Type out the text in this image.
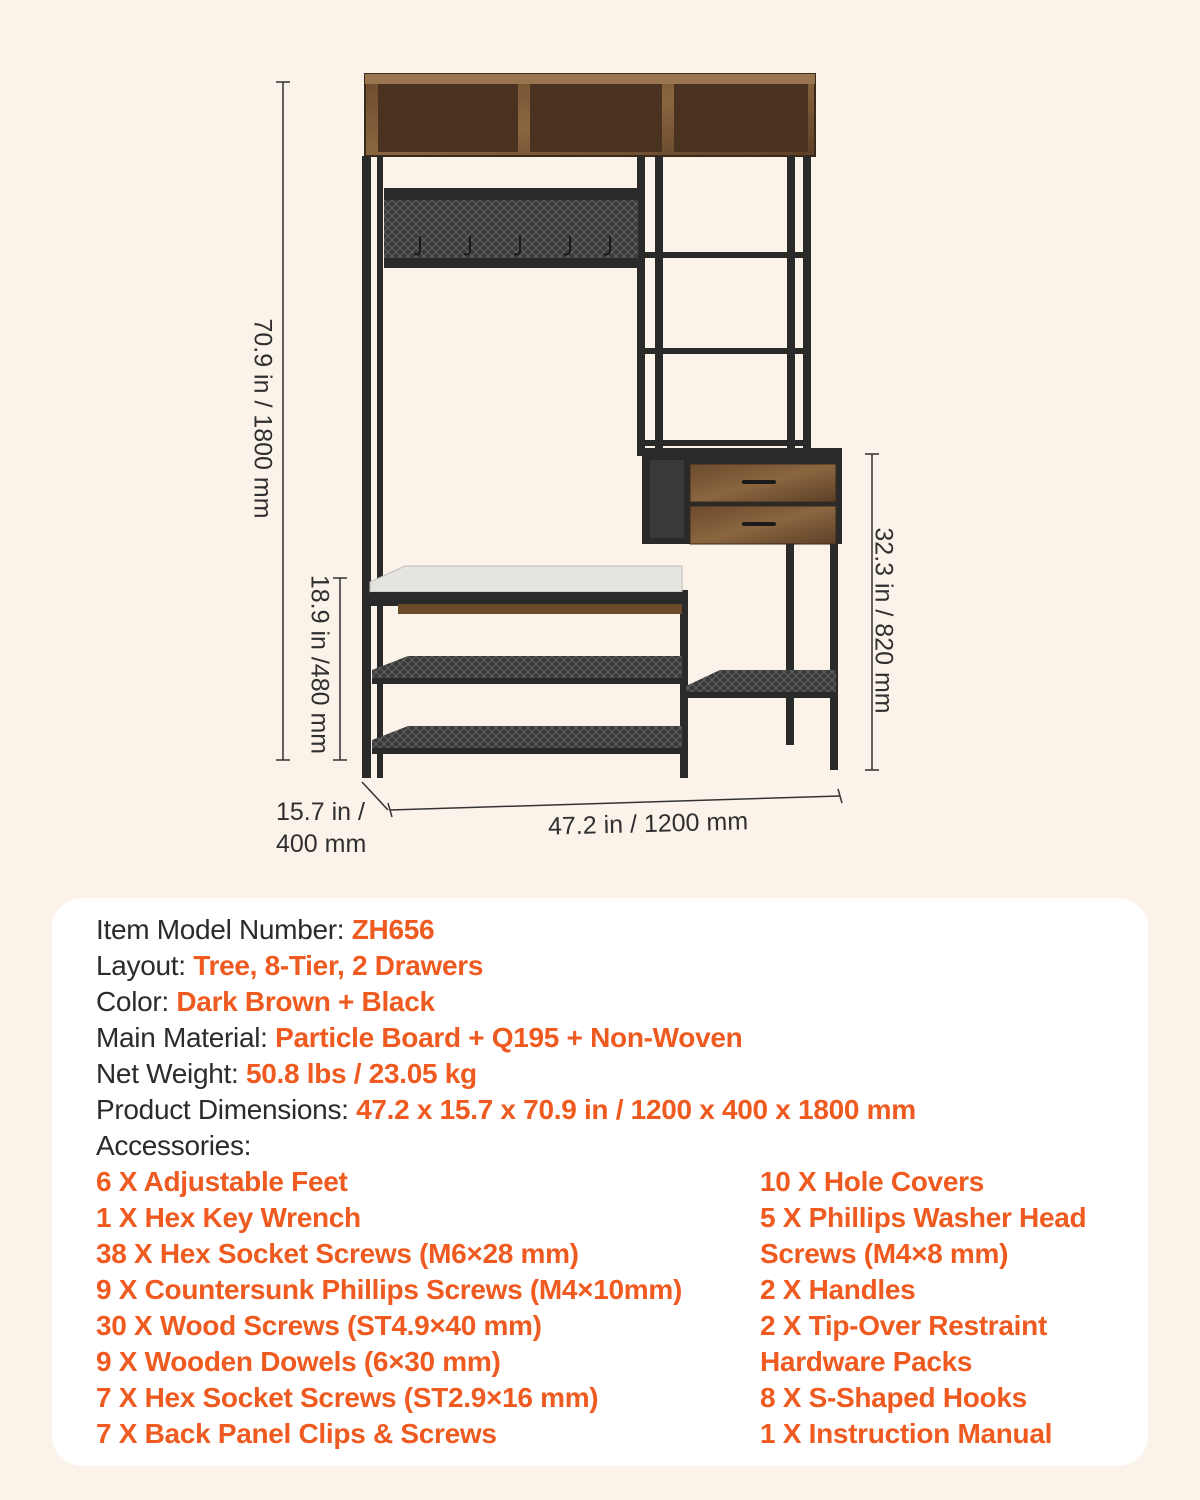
70.9 in / 1800 mm
18.9 in /480 mm	32.3 in / 820 mm
15.7 in /
400 mm
47.2 in / 1200 mm
Item Model Number: ZH656
Layout: Tree, 8-Tier, 2 Drawers
Color: Dark Brown + Black
Main Material: Particle Board + Q195 + Non-Woven
Net Weight: 50.8 lbs / 23.05 kg
Product Dimensions: 47.2 x 15.7 x 70.9 in / 1200 x 400 x 1800 mm
Accessories:
6 X Adjustable Feet
1 X Hex Key Wrench
38 X Hex Socket Screws (M6×28 mm)
9 X Countersunk Phillips Screws (M4×10mm)
30 X Wood Screws (ST4.9×40 mm)
9 X Wooden Dowels (6×30 mm)
7 X Hex Socket Screws (ST2.9×16 mm)
7 X Back Panel Clips & Screws
10 X Hole Covers
5 X Phillips Washer Head
Screws (M4×8 mm)
2 X Handles
2 X Tip-Over Restraint
Hardware Packs
8 X S-Shaped Hooks
1 X Instruction Manual
